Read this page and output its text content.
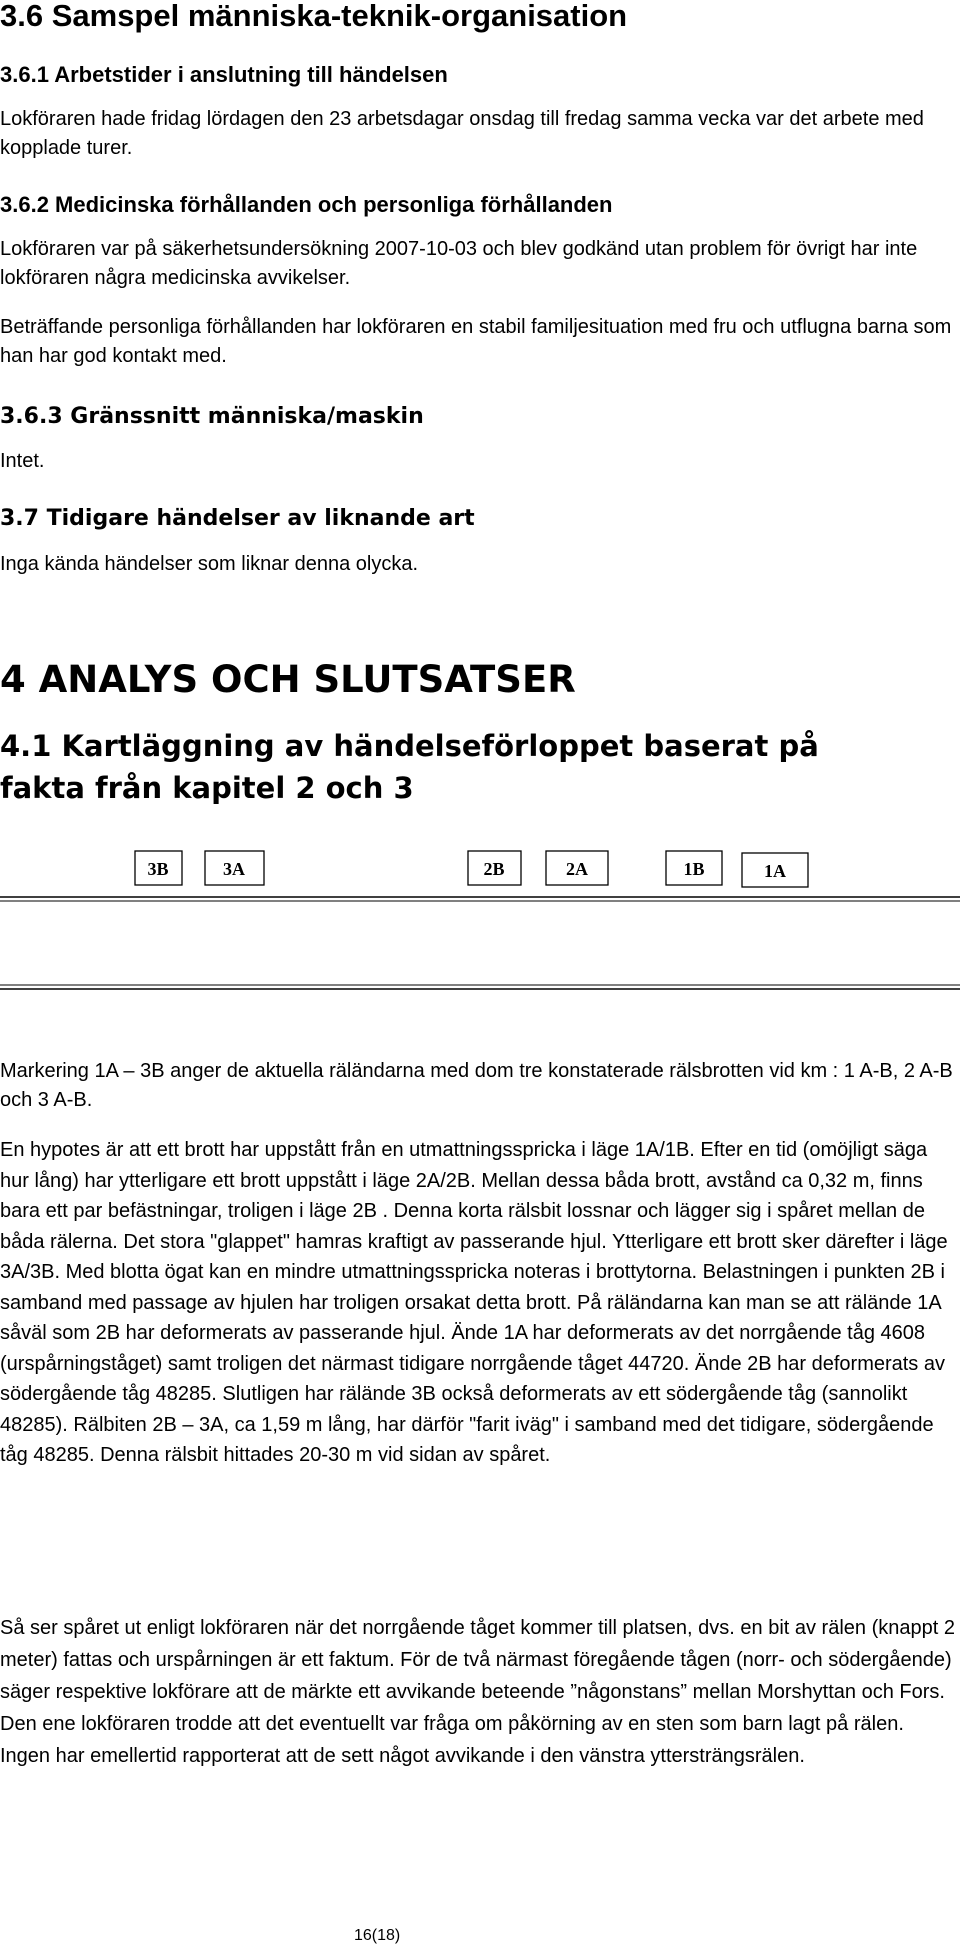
3.6 Samspel människa-teknik-organisation
3.6.1 Arbetstider i anslutning till händelsen

Lokföraren hade fridag lördagen den 23 arbetsdagar onsdag till fredag samma vecka var det arbete med kopplade turer.

3.6.2 Medicinska förhållanden och personliga förhållanden

Lokföraren var på säkerhetsundersökning 2007-10-03 och blev godkänd utan problem för övrigt har inte lokföraren några medicinska avvikelser.

Beträffande personliga förhållanden har lokföraren en stabil familjesituation med fru och utflugna barna som han har god kontakt med.

3.6.3 Gränssnitt människa/maskin

Intet.

3.7 Tidigare händelser av liknande art

Inga kända händelser som liknar denna olycka.

4 ANALYS OCH SLUTSATSER
4.1 Kartläggning av händelseförloppet baserat på fakta från kapitel 2 och 3
3B	3A	2B	2A	1B	1A

Markering 1A – 3B anger de aktuella räländarna med dom tre konstaterade rälsbrotten vid km : 1 A-B, 2 A-B och 3 A-B.

En hypotes är att ett brott har uppstått från en utmattningsspricka i läge 1A/1B. Efter en tid (omöjligt säga hur lång) har ytterligare ett brott uppstått i läge 2A/2B. Mellan dessa båda brott, avstånd ca 0,32 m, finns bara ett par befästningar, troligen i läge 2B . Denna korta rälsbit lossnar och lägger sig i spåret mellan de båda rälerna. Det stora "glappet" hamras kraftigt av passerande hjul. Ytterligare ett brott sker därefter i läge 3A/3B. Med blotta ögat kan en mindre utmattningsspricka noteras i brottytorna. Belastningen i punkten 2B i samband med passage av hjulen har troligen orsakat detta brott. På räländarna kan man se att rälände 1A såväl som 2B har deformerats av passerande hjul. Ände 1A har deformerats av det norrgående tåg 4608 (urspårningståget) samt troligen det närmast tidigare norrgående tåget 44720. Ände 2B har deformerats av södergående tåg 48285. Slutligen har rälände 3B också deformerats av ett södergående tåg (sannolikt 48285). Rälbiten 2B – 3A, ca 1,59 m lång, har därför "farit iväg" i samband med det tidigare, södergående tåg 48285. Denna rälsbit hittades 20-30 m vid sidan av spåret.

Så ser spåret ut enligt lokföraren när det norrgående tåget kommer till platsen, dvs. en bit av rälen (knappt 2 meter) fattas och urspårningen är ett faktum. För de två närmast föregående tågen (norr- och södergående) säger respektive lokförare att de märkte ett avvikande beteende ”någonstans” mellan Morshyttan och Fors. Den ene lokföraren trodde att det eventuellt var fråga om påkörning av en sten som barn lagt på rälen. Ingen har emellertid rapporterat att de sett något avvikande i den vänstra yttersträngsrälen.

16(18)
